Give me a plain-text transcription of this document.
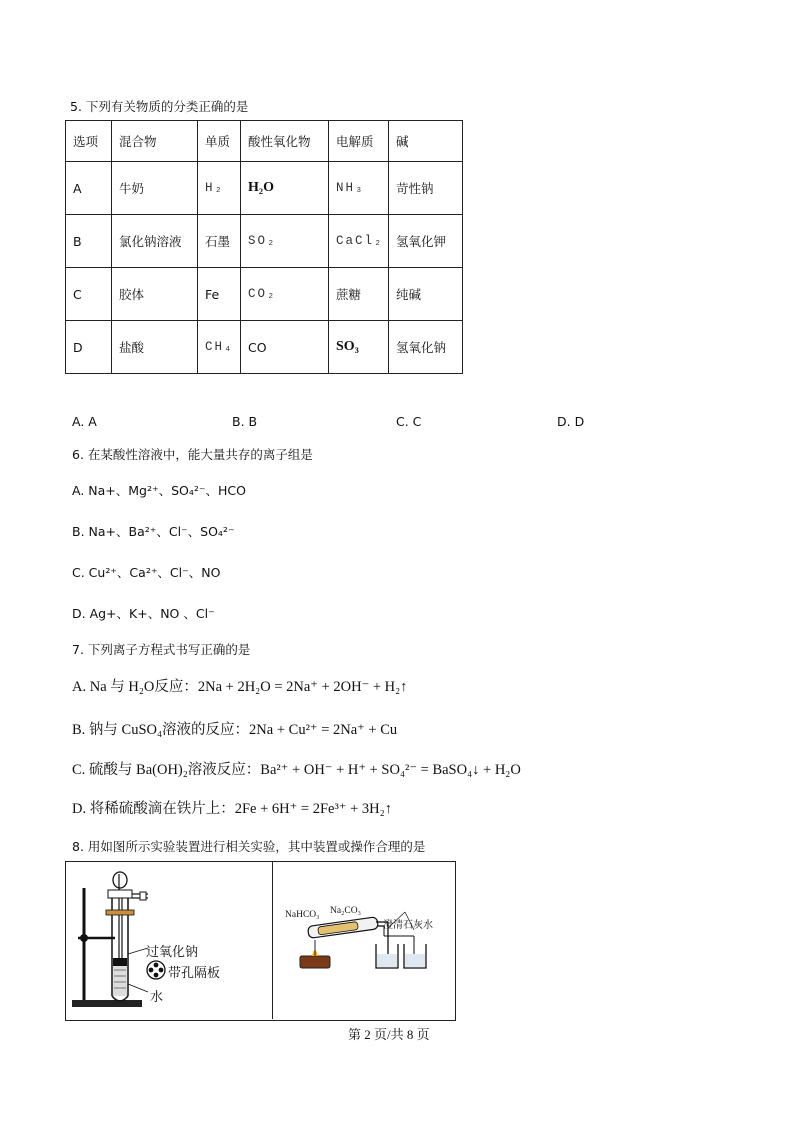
5. 下列有关物质的分类正确的是
选项	混合物	单质	酸性氧化物	电解质	碱
A	牛奶	H₂	H₂O	NH₃	苛性钠
B	氯化钠溶液	石墨	SO₂	CaCl₂	氢氧化钾
C	胶体	Fe	CO₂	蔗糖	纯碱
D	盐酸	CH₄	CO	SO₃	氢氧化钠
A. A	B. B	C. C	D. D
6. 在某酸性溶液中，能大量共存的离子组是
A. Na+、Mg²⁺、SO₄²⁻、HCO
B. Na+、Ba²⁺、Cl⁻、SO₄²⁻
C. Cu²⁺、Ca²⁺、Cl⁻、NO
D. Ag+、K+、NO 、Cl⁻
7. 下列离子方程式书写正确的是
A. Na 与 H₂O反应：2Na + 2H₂O = 2Na⁺ + 2OH⁻ + H₂↑
B. 钠与 CuSO₄溶液的反应：2Na + Cu²⁺ = 2Na⁺ + Cu
C. 硫酸与 Ba(OH)₂溶液反应：Ba²⁺ + OH⁻ + H⁺ + SO₄²⁻ = BaSO₄↓ + H₂O
D. 将稀硫酸滴在铁片上：2Fe + 6H⁺ = 2Fe³⁺ + 3H₂↑
8. 用如图所示实验装置进行相关实验，其中装置或操作合理的是
过氧化钠
带孔隔板
水
NaHCO₃ Na₂CO₃
澄清石灰水
第 2 页/共 8 页
